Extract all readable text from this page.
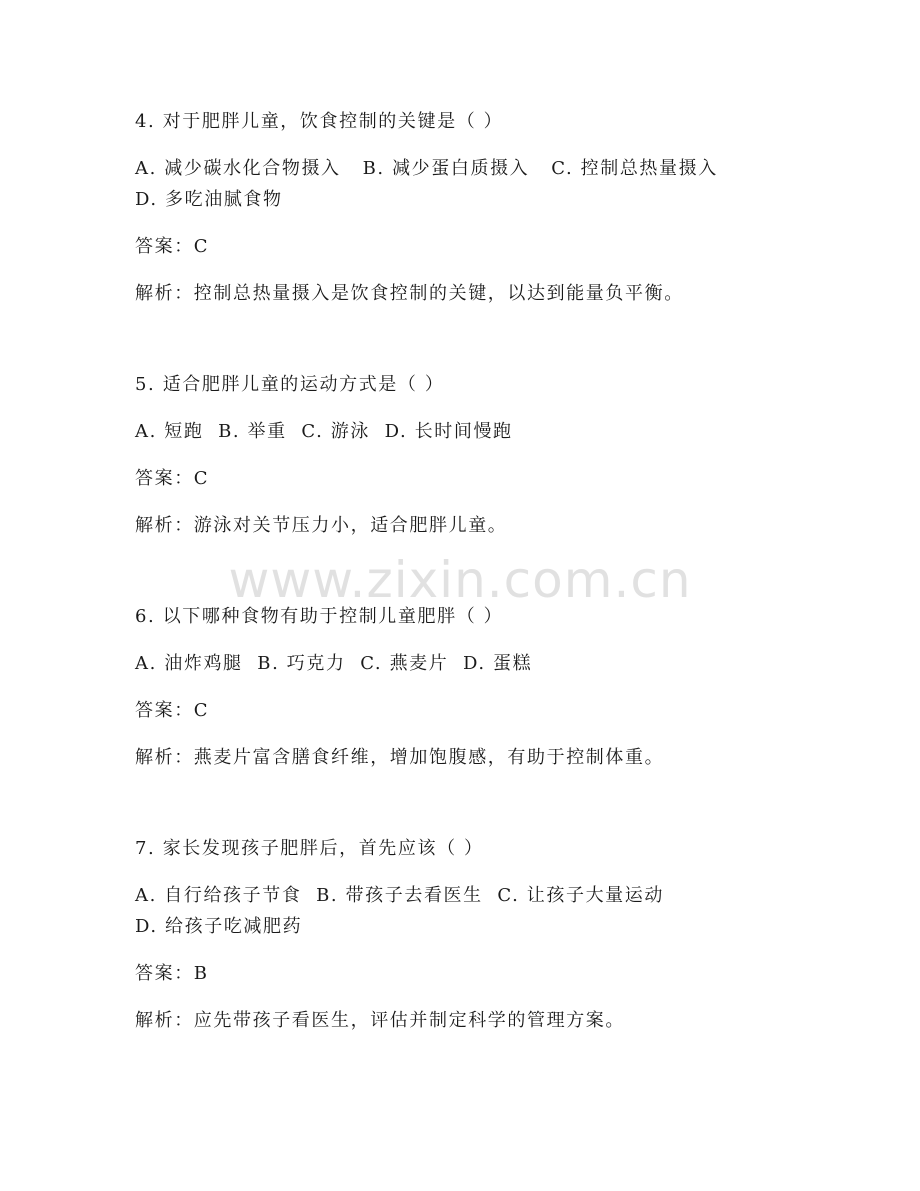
4. 对于肥胖儿童，饮食控制的关键是（ ）
A. 减少碳水化合物摄入   B. 减少蛋白质摄入   C. 控制总热量摄入
D. 多吃油腻食物
答案：C
解析：控制总热量摄入是饮食控制的关键，以达到能量负平衡。
5. 适合肥胖儿童的运动方式是（ ）
A. 短跑  B. 举重  C. 游泳  D. 长时间慢跑
答案：C
解析：游泳对关节压力小，适合肥胖儿童。
6. 以下哪种食物有助于控制儿童肥胖（ ）
A. 油炸鸡腿  B. 巧克力  C. 燕麦片  D. 蛋糕
答案：C
解析：燕麦片富含膳食纤维，增加饱腹感，有助于控制体重。
7. 家长发现孩子肥胖后，首先应该（ ）
A. 自行给孩子节食  B. 带孩子去看医生  C. 让孩子大量运动
D. 给孩子吃减肥药
答案：B
解析：应先带孩子看医生，评估并制定科学的管理方案。
www.zixin.com.cn
